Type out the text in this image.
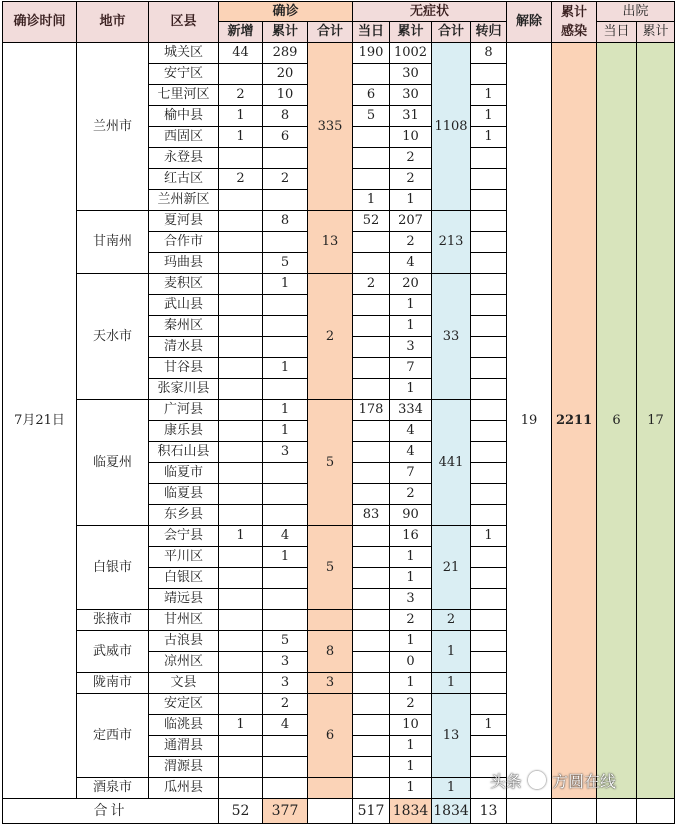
确诊时间	地市	区县	确诊			无症状				解除	累计
感染	出院	
			新增	累计	合计	当日	累计	合计	转归			当日	累计
7月21日	兰州市	城关区	44	289	335	190	1002	1108	8	19	2211	6	17
		安宁区		20			30						
		七里河区	2	10		6	30		1				
		榆中县	1	8		5	31		1				
		西固区	1	6			10		1				
		永登县					2						
		红古区	2	2			2						
		兰州新区				1	1						
	甘南州	夏河县		8	13	52	207	213					
		合作市					2						
		玛曲县		5			4						
	天水市	麦积区		1	2	2	20	33					
		武山县					1						
		秦州区					1						
		清水县					3						
		甘谷县		1			7						
		张家川县					1						
	临夏州	广河县		1	5	178	334	441					
		康乐县		1			4						
		积石山县		3			4						
		临夏市					7						
		临夏县					2						
		东乡县				83	90						
	白银市	会宁县	1	4	5		16	21	1				
		平川区		1			1						
		白银区					1						
		靖远县					3						
	张掖市	甘州区					2	2					
	武威市	古浪县		5	8		1	1					
		凉州区		3			0						
	陇南市	文县		3	3		1	1					
	定西市	安定区		2	6		2	13					
		临洮县	1	4			10		1				
		通渭县					1						
		渭源县					1						
	酒泉市	瓜州县					1	1					
合计			52	377		517	1834	1834	13				
头条 方圆在线
